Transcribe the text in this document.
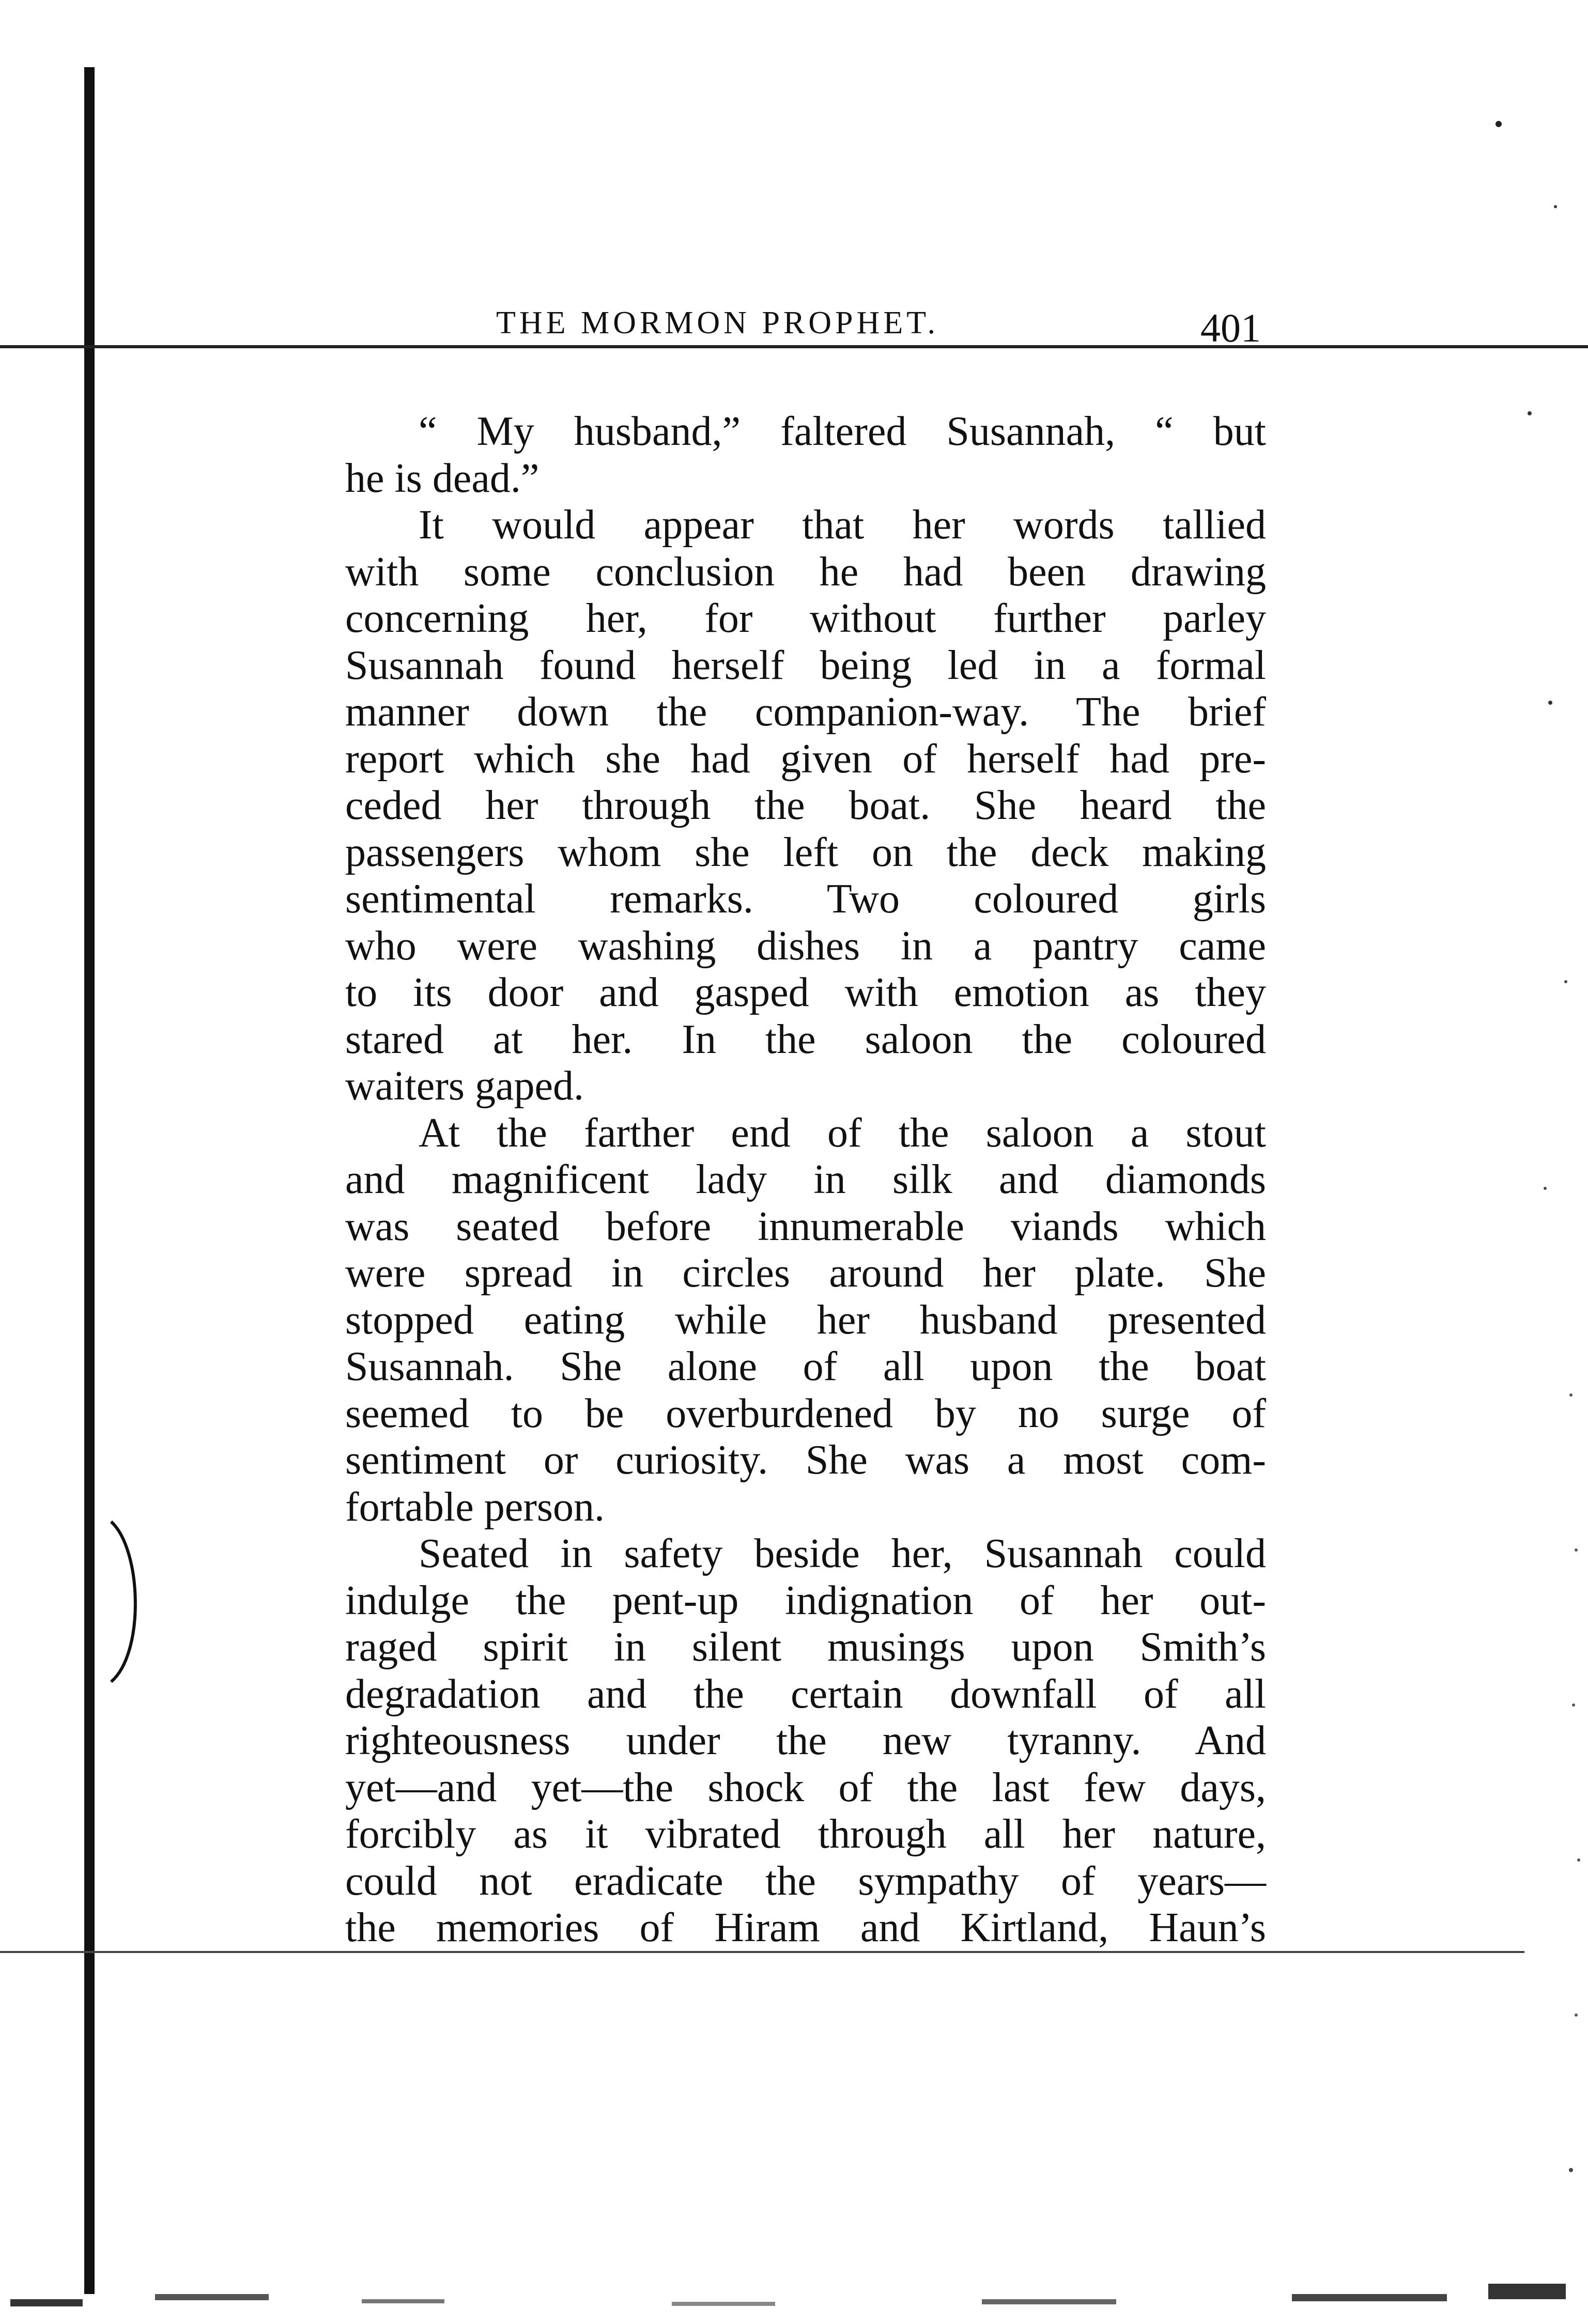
THE MORMON PROPHET.	401
“ My husband,” faltered Susannah, “ but
he is dead.”
It would appear that her words tallied
with some conclusion he had been drawing
concerning her, for without further parley
Susannah found herself being led in a formal
manner down the companion-way. The brief
report which she had given of herself had pre-
ceded her through the boat. She heard the
passengers whom she left on the deck making
sentimental remarks. Two coloured girls
who were washing dishes in a pantry came
to its door and gasped with emotion as they
stared at her. In the saloon the coloured
waiters gaped.
At the farther end of the saloon a stout
and magnificent lady in silk and diamonds
was seated before innumerable viands which
were spread in circles around her plate. She
stopped eating while her husband presented
Susannah. She alone of all upon the boat
seemed to be overburdened by no surge of
sentiment or curiosity. She was a most com-
fortable person.
Seated in safety beside her, Susannah could
indulge the pent-up indignation of her out-
raged spirit in silent musings upon Smith’s
degradation and the certain downfall of all
righteousness under the new tyranny. And
yet—and yet—the shock of the last few days,
forcibly as it vibrated through all her nature,
could not eradicate the sympathy of years—
the memories of Hiram and Kirtland, Haun’s
